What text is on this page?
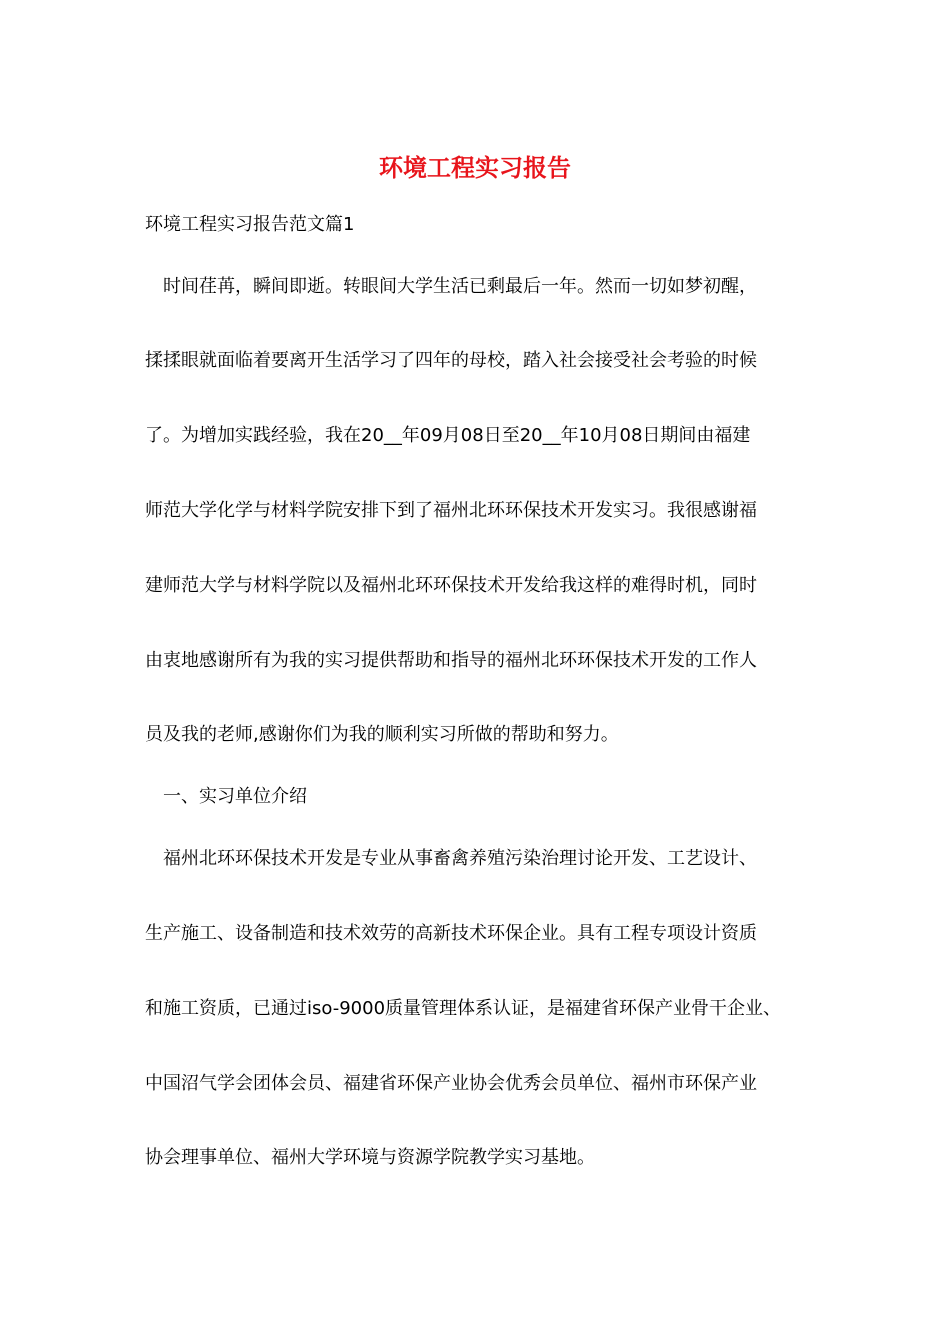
环境工程实习报告
环境工程实习报告范文篇1
时间荏苒，瞬间即逝。转眼间大学生活已剩最后一年。然而一切如梦初醒，
揉揉眼就面临着要离开生活学习了四年的母校，踏入社会接受社会考验的时候
了。为增加实践经验，我在20__年09月08日至20__年10月08日期间由福建
师范大学化学与材料学院安排下到了福州北环环保技术开发实习。我很感谢福
建师范大学与材料学院以及福州北环环保技术开发给我这样的难得时机，同时
由衷地感谢所有为我的实习提供帮助和指导的福州北环环保技术开发的工作人
员及我的老师,感谢你们为我的顺利实习所做的帮助和努力。
一、实习单位介绍
福州北环环保技术开发是专业从事畜禽养殖污染治理讨论开发、工艺设计、
生产施工、设备制造和技术效劳的高新技术环保企业。具有工程专项设计资质
和施工资质，已通过iso-9000质量管理体系认证，是福建省环保产业骨干企业、
中国沼气学会团体会员、福建省环保产业协会优秀会员单位、福州市环保产业
协会理事单位、福州大学环境与资源学院教学实习基地。
